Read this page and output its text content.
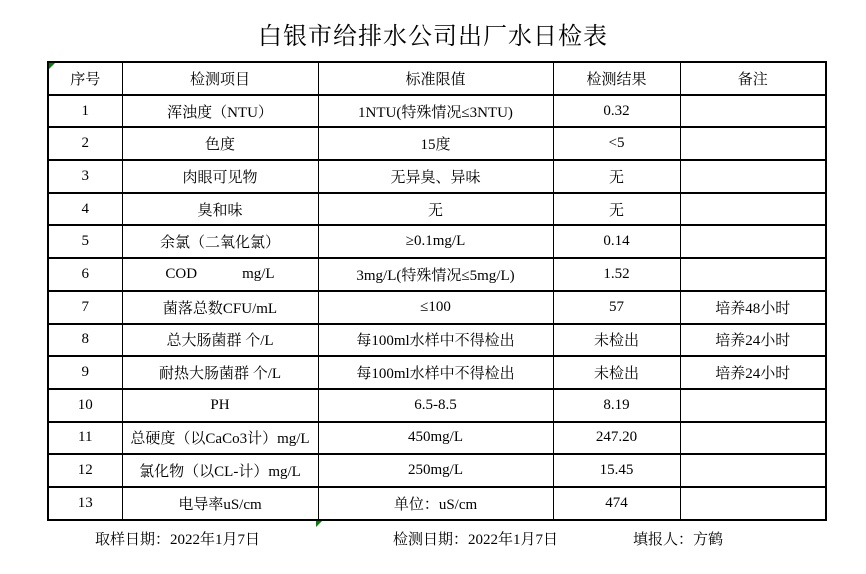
白银市给排水公司出厂水日检表
序号	检测项目	标准限值	检测结果	备注
1	浑浊度（NTU）	1NTU(特殊情况≤3NTU)	0.32	
2	色度	15度	<5	
3	肉眼可见物	无异臭、异味	无	
4	臭和味	无	无	
5	余氯（二氧化氯）	≥0.1mg/L	0.14	
6	COD            mg/L	3mg/L(特殊情况≤5mg/L)	1.52	
7	菌落总数CFU/mL	≤100	57	培养48小时
8	总大肠菌群 个/L	每100ml水样中不得检出	未检出	培养24小时
9	耐热大肠菌群 个/L	每100ml水样中不得检出	未检出	培养24小时
10	PH	6.5-8.5	8.19	
11	总硬度（以CaCo3计）mg/L	450mg/L	247.20	
12	氯化物（以CL-计）mg/L	250mg/L	15.45	
13	电导率uS/cm	单位：uS/cm	474	
取样日期：2022年1月7日	检测日期：2022年1月7日	填报人：方鹤
